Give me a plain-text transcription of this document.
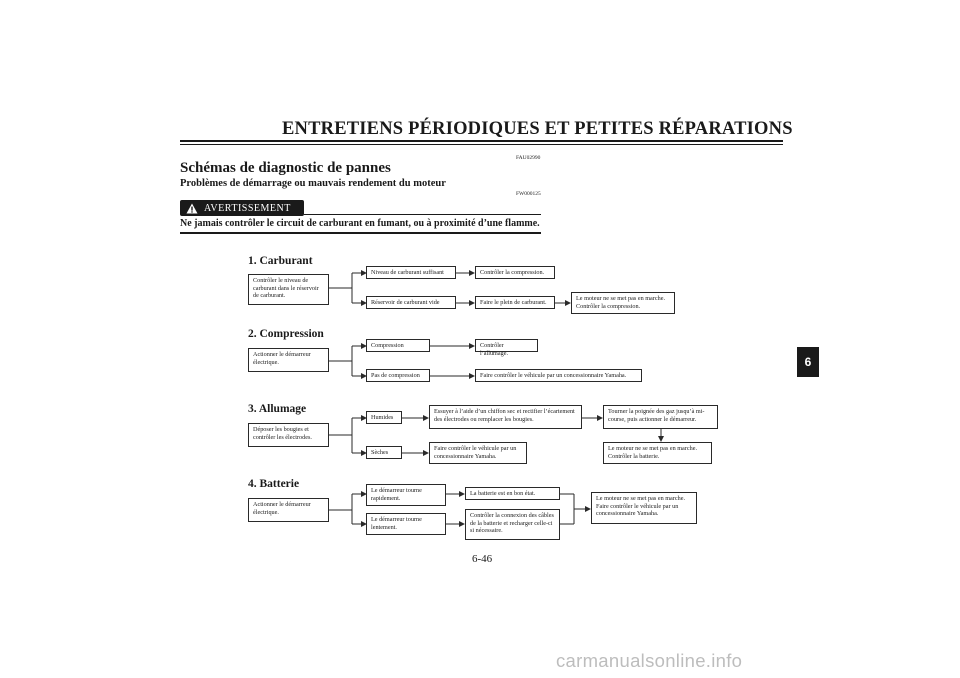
ENTRETIENS PÉRIODIQUES ET PETITES RÉPARATIONS
FAU02990
Schémas de diagnostic de pannes
Problèmes de démarrage ou mauvais rendement du moteur
FW000125
AVERTISSEMENT
Ne jamais contrôler le circuit de carburant en fumant, ou à proximité d’une flamme.
1. Carburant
Contrôler le niveau de carburant dans le réservoir de carburant.
Niveau de carburant suffisant	Contrôler la compression.
Réservoir de carburant vide	Faire le plein de carburant.
Le moteur ne se met pas en marche. Contrôler la compression.
2. Compression
Actionner le démarreur électrique.
Compression	Contrôler l’allumage.
Pas de compression	Faire contrôler le véhicule par un concessionnaire Yamaha.
3. Allumage
Déposer les bougies et contrôler les électrodes.
Humides
Essuyer à l’aide d’un chiffon sec et rectifier l’écartement des électrodes ou remplacer les bougies.
Tourner la poignée des gaz jusqu’à mi-course, puis actionner le démarreur.
Le moteur ne se met pas en marche. Contrôler la batterie.
Sèches
Faire contrôler le véhicule par un concessionnaire Yamaha.
4. Batterie
Actionner le démarreur électrique.
Le démarreur tourne rapidement.
La batterie est en bon état.
Le démarreur tourne lentement.
Contrôler la connexion des câbles de la batterie et recharger celle-ci si nécessaire.
Le moteur ne se met pas en marche. Faire contrôler le véhicule par un concessionnaire Yamaha.
6
6-46
carmanualsonline.info
